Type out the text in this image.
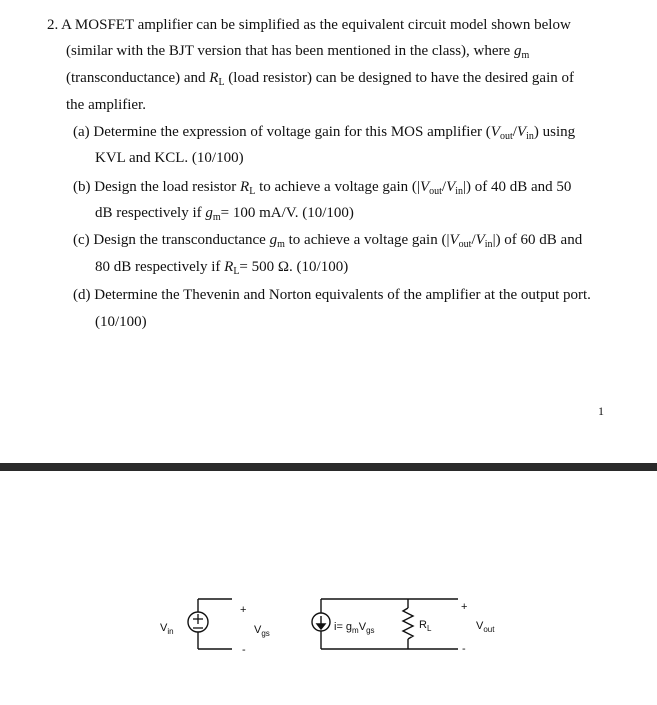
2. A MOSFET amplifier can be simplified as the equivalent circuit model shown below
(similar with the BJT version that has been mentioned in the class), where $g_m$
(transconductance) and $R_L$ (load resistor) can be designed to have the desired gain of
the amplifier.
(a) Determine the expression of voltage gain for this MOS amplifier $(V_{out}/V_{in})$ using
KVL and KCL. (10/100)
(b) Design the load resistor $R_L$ to achieve a voltage gain $(|V_{out}/V_{in}|)$ of 40 dB and 50
dB respectively if $g_m= 100$ mA/V. (10/100)
(c) Design the transconductance $g_m$ to achieve a voltage gain $(|V_{out}/V_{in}|)$ of 60 dB and
80 dB respectively if $R_L= 500$ Ω. (10/100)
(d) Determine the Thevenin and Norton equivalents of the amplifier at the output port.
(10/100)
1
$V_{in}$
+
$V_{gs}$
-
$i= g_mV_{gs}$	$R_L$
+
$V_{out}$
-
